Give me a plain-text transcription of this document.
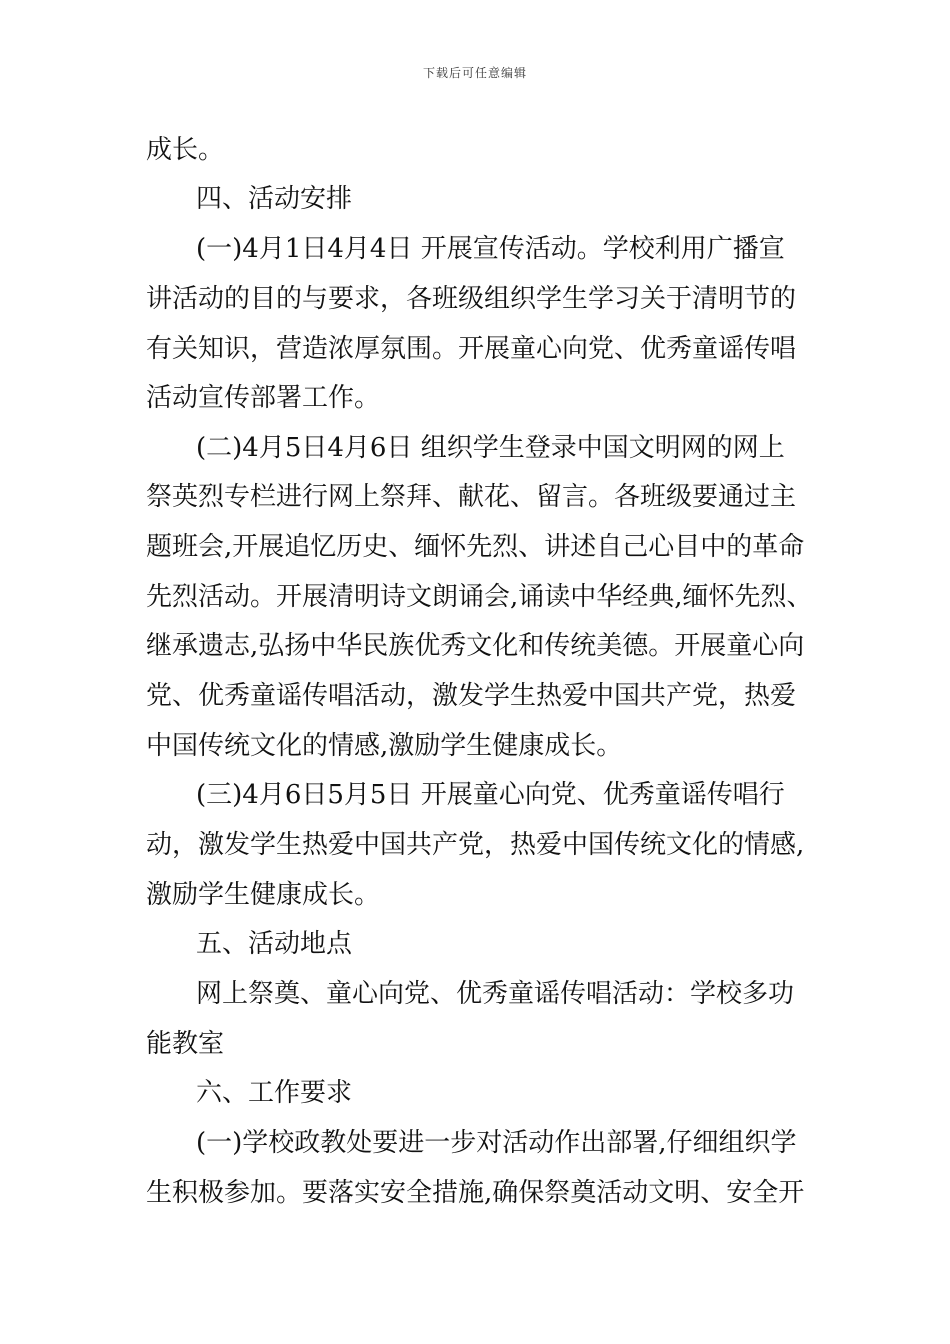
下载后可任意编辑
成长。
四、活动安排
(一)4月1日4月4日 开展宣传活动。学校利用广播宣
讲活动的目的与要求，各班级组织学生学习关于清明节的
有关知识，营造浓厚氛围。开展童心向党、优秀童谣传唱
活动宣传部署工作。
(二)4月5日4月6日 组织学生登录中国文明网的网上
祭英烈专栏进行网上祭拜、献花、留言。各班级要通过主
题班会,开展追忆历史、缅怀先烈、讲述自己心目中的革命
先烈活动。开展清明诗文朗诵会,诵读中华经典,缅怀先烈、
继承遗志,弘扬中华民族优秀文化和传统美德。开展童心向
党、优秀童谣传唱活动，激发学生热爱中国共产党，热爱
中国传统文化的情感,激励学生健康成长。
(三)4月6日5月5日 开展童心向党、优秀童谣传唱行
动，激发学生热爱中国共产党，热爱中国传统文化的情感,
激励学生健康成长。
五、活动地点
网上祭奠、童心向党、优秀童谣传唱活动：学校多功
能教室
六、工作要求
(一)学校政教处要进一步对活动作出部署,仔细组织学
生积极参加。要落实安全措施,确保祭奠活动文明、安全开
